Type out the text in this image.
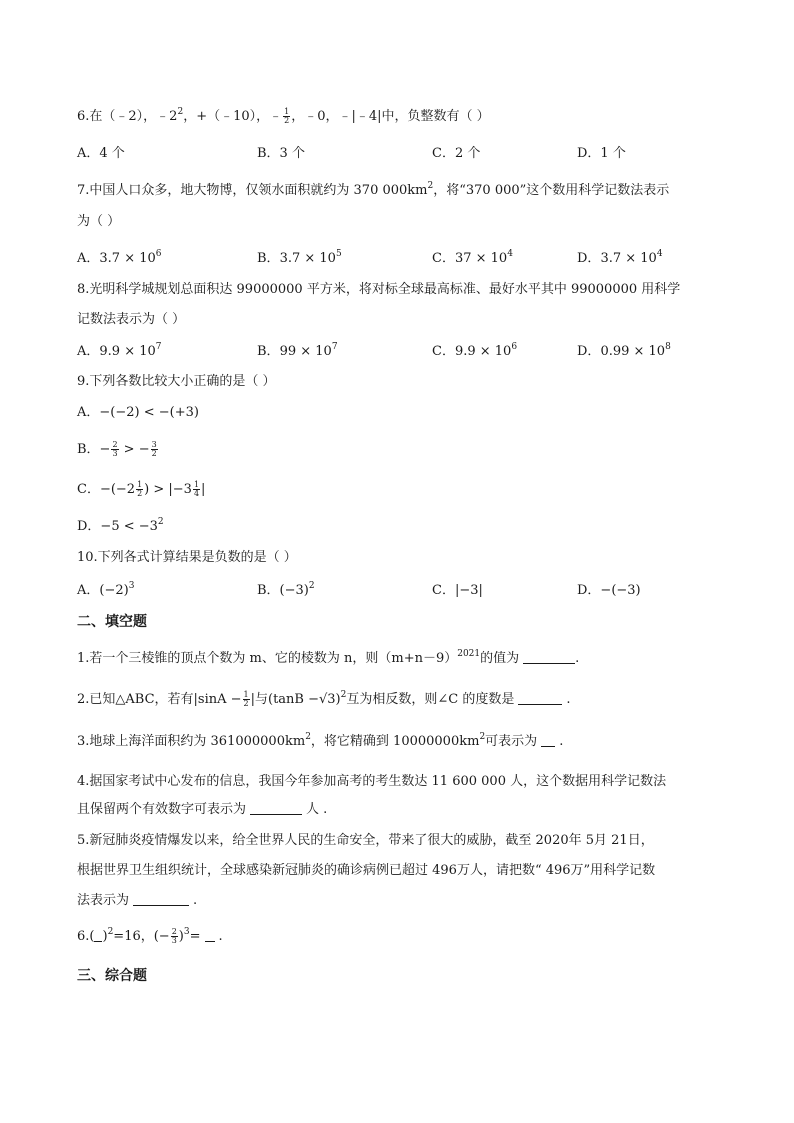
6.在（﹣2），$﹣2^2$，+（﹣10），﹣ $\frac{1}{2}$ ，﹣0，﹣|﹣4|中，负整数有（ ）
A．4 个	B．3 个	C．2 个	D．1 个
7.中国人口众多，地大物博，仅领水面积就约为 370 $000km^2$，将“370 000”这个数用科学记数法表示
为（ ）
A．$3.7 \times 10^6$	B．$3.7 \times 10^5$	C．$37 \times 10^4$	D．$3.7 \times 10^4$
8.光明科学城规划总面积达 99000000 平方米，将对标全球最高标准、最好水平其中 99000000 用科学
记数法表示为（ ）
A．$9.9 \times 10^7$	B．$99 \times 10^7$	C．$9.9 \times 10^6$	D．$0.99 \times 10^8$
9.下列各数比较大小正确的是（ ）
A．−(−2) < −(+3)
B．− $\frac{2}{3}$ > − $\frac{3}{2}$
C．$-(-2 \frac{1}{2}$ ) > $|-3 \frac{1}{4}$ |
D．$-5 < -3^2$
10.下列各式计算结果是负数的是（ ）
A．$(-2)^3$	B．$(-3)^2$	C．|−3|	D．−(−3)
二、填空题
1.若一个三棱锥的顶点个数为 m、它的棱数为 n，则$(m+n-9)^{2021}$的值为	.
2.已知△ABC，若有$|\sin A - \frac{1}{2}$ |与$(\tan B -√3)^2$互为相反数，则∠C 的度数是	.
3.地球上海洋面积约为 $361000000km^2$，将它精确到 $10000000km^2$可表示为 .
4.据国家考试中心发布的信息，我国今年参加高考的考生数达 11 600 000 人，这个数据用科学记数法
且保留两个有效数字可表示为	人 .
5.新冠肺炎疫情爆发以来，给全世界人民的生命安全，带来了很大的威胁，截至 2020年 5月 21日，
根据世界卫生组织统计，全球感染新冠肺炎的确诊病例已超过 496万人，请把数“ 496万”用科学记数
法表示为	.
6.( )$^2$=16，(− $\frac{2}{3} )^3=$ .
三、综合题
